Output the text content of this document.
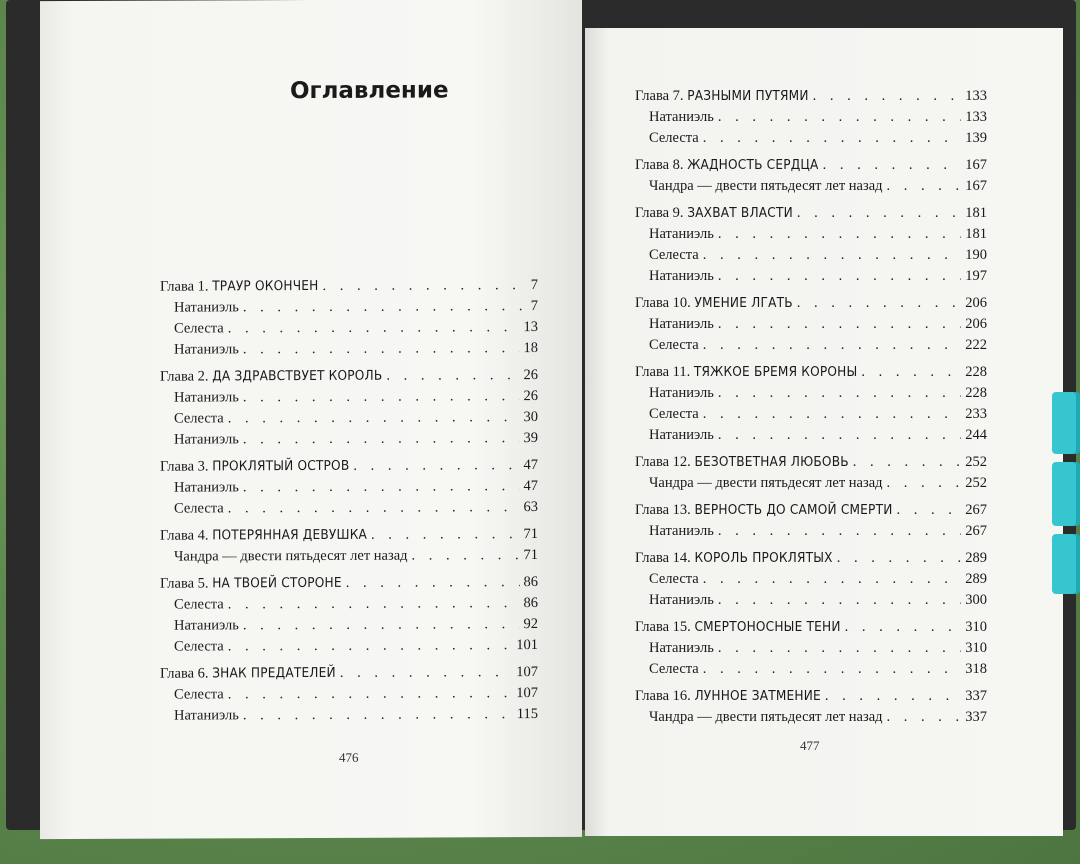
Оглавление
Глава 1. ТРАУР ОКОНЧЕН . . .	7
Натаниэль . . .	7
Селеста . . .	13
Натаниэль . . .	18
Глава 2. ДА ЗДРАВСТВУЕТ КОРОЛЬ . . .	26
Натаниэль . . .	26
Селеста . . .	30
Натаниэль . . .	39
Глава 3. ПРОКЛЯТЫЙ ОСТРОВ . . .	47
Натаниэль . . .	47
Селеста . . .	63
Глава 4. ПОТЕРЯННАЯ ДЕВУШКА . . .	71
Чандра — двести пятьдесят лет назад . . .	71
Глава 5. НА ТВОЕЙ СТОРОНЕ . . .	86
Селеста . . .	86
Натаниэль . . .	92
Селеста . . .	101
Глава 6. ЗНАК ПРЕДАТЕЛЕЙ . . .	107
Селеста . . .	107
Натаниэль . . .	115
476
Глава 7. РАЗНЫМИ ПУТЯМИ . . .	133
Натаниэль . . .	133
Селеста . . .	139
Глава 8. ЖАДНОСТЬ СЕРДЦА . . .	167
Чандра — двести пятьдесят лет назад . . .	167
Глава 9. ЗАХВАТ ВЛАСТИ . . .	181
Натаниэль . . .	181
Селеста . . .	190
Натаниэль . . .	197
Глава 10. УМЕНИЕ ЛГАТЬ . . .	206
Натаниэль . . .	206
Селеста . . .	222
Глава 11. ТЯЖКОЕ БРЕМЯ КОРОНЫ . . .	228
Натаниэль . . .	228
Селеста . . .	233
Натаниэль . . .	244
Глава 12. БЕЗОТВЕТНАЯ ЛЮБОВЬ . . .	252
Чандра — двести пятьдесят лет назад . . .	252
Глава 13. ВЕРНОСТЬ ДО САМОЙ СМЕРТИ . . .	267
Натаниэль . . .	267
Глава 14. КОРОЛЬ ПРОКЛЯТЫХ . . .	289
Селеста . . .	289
Натаниэль . . .	300
Глава 15. СМЕРТОНОСНЫЕ ТЕНИ . . .	310
Натаниэль . . .	310
Селеста . . .	318
Глава 16. ЛУННОЕ ЗАТМЕНИЕ . . .	337
Чандра — двести пятьдесят лет назад . . .	337
477
